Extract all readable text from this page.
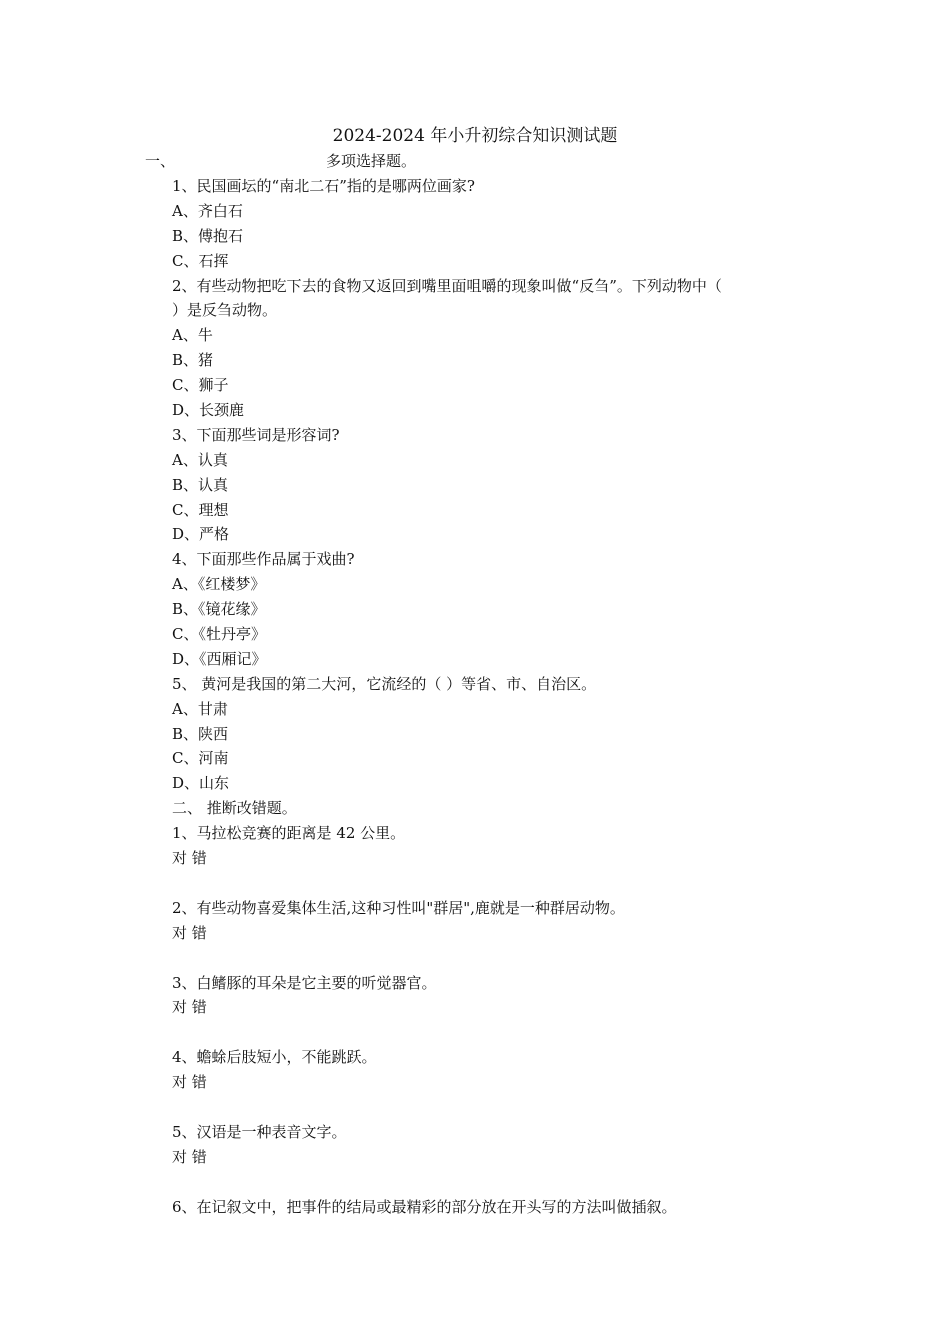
2024-2024 年小升初综合知识测试题
一、	多项选择题。
1、民国画坛的“南北二石”指的是哪两位画家?
A、齐白石
B、傅抱石
C、石挥
2、有些动物把吃下去的食物又返回到嘴里面咀嚼的现象叫做“反刍”。下列动物中（
）是反刍动物。
A、牛
B、猪
C、狮子
D、长颈鹿
3、下面那些词是形容词?
A、认真
B、认真
C、理想
D、严格
4、下面那些作品属于戏曲?
A、《红楼梦》
B、《镜花缘》
C、《牡丹亭》
D、《西厢记》
5、 黄河是我国的第二大河，它流经的（ ）等省、市、自治区。
A、甘肃
B、陕西
C、河南
D、山东
二、 推断改错题。
1、马拉松竞赛的距离是 42 公里。
对 错
2、有些动物喜爱集体生活,这种习性叫"群居",鹿就是一种群居动物。
对 错
3、白鳍豚的耳朵是它主要的听觉器官。
对 错
4、蟾蜍后肢短小，不能跳跃。
对 错
5、汉语是一种表音文字。
对 错
6、在记叙文中，把事件的结局或最精彩的部分放在开头写的方法叫做插叙。
